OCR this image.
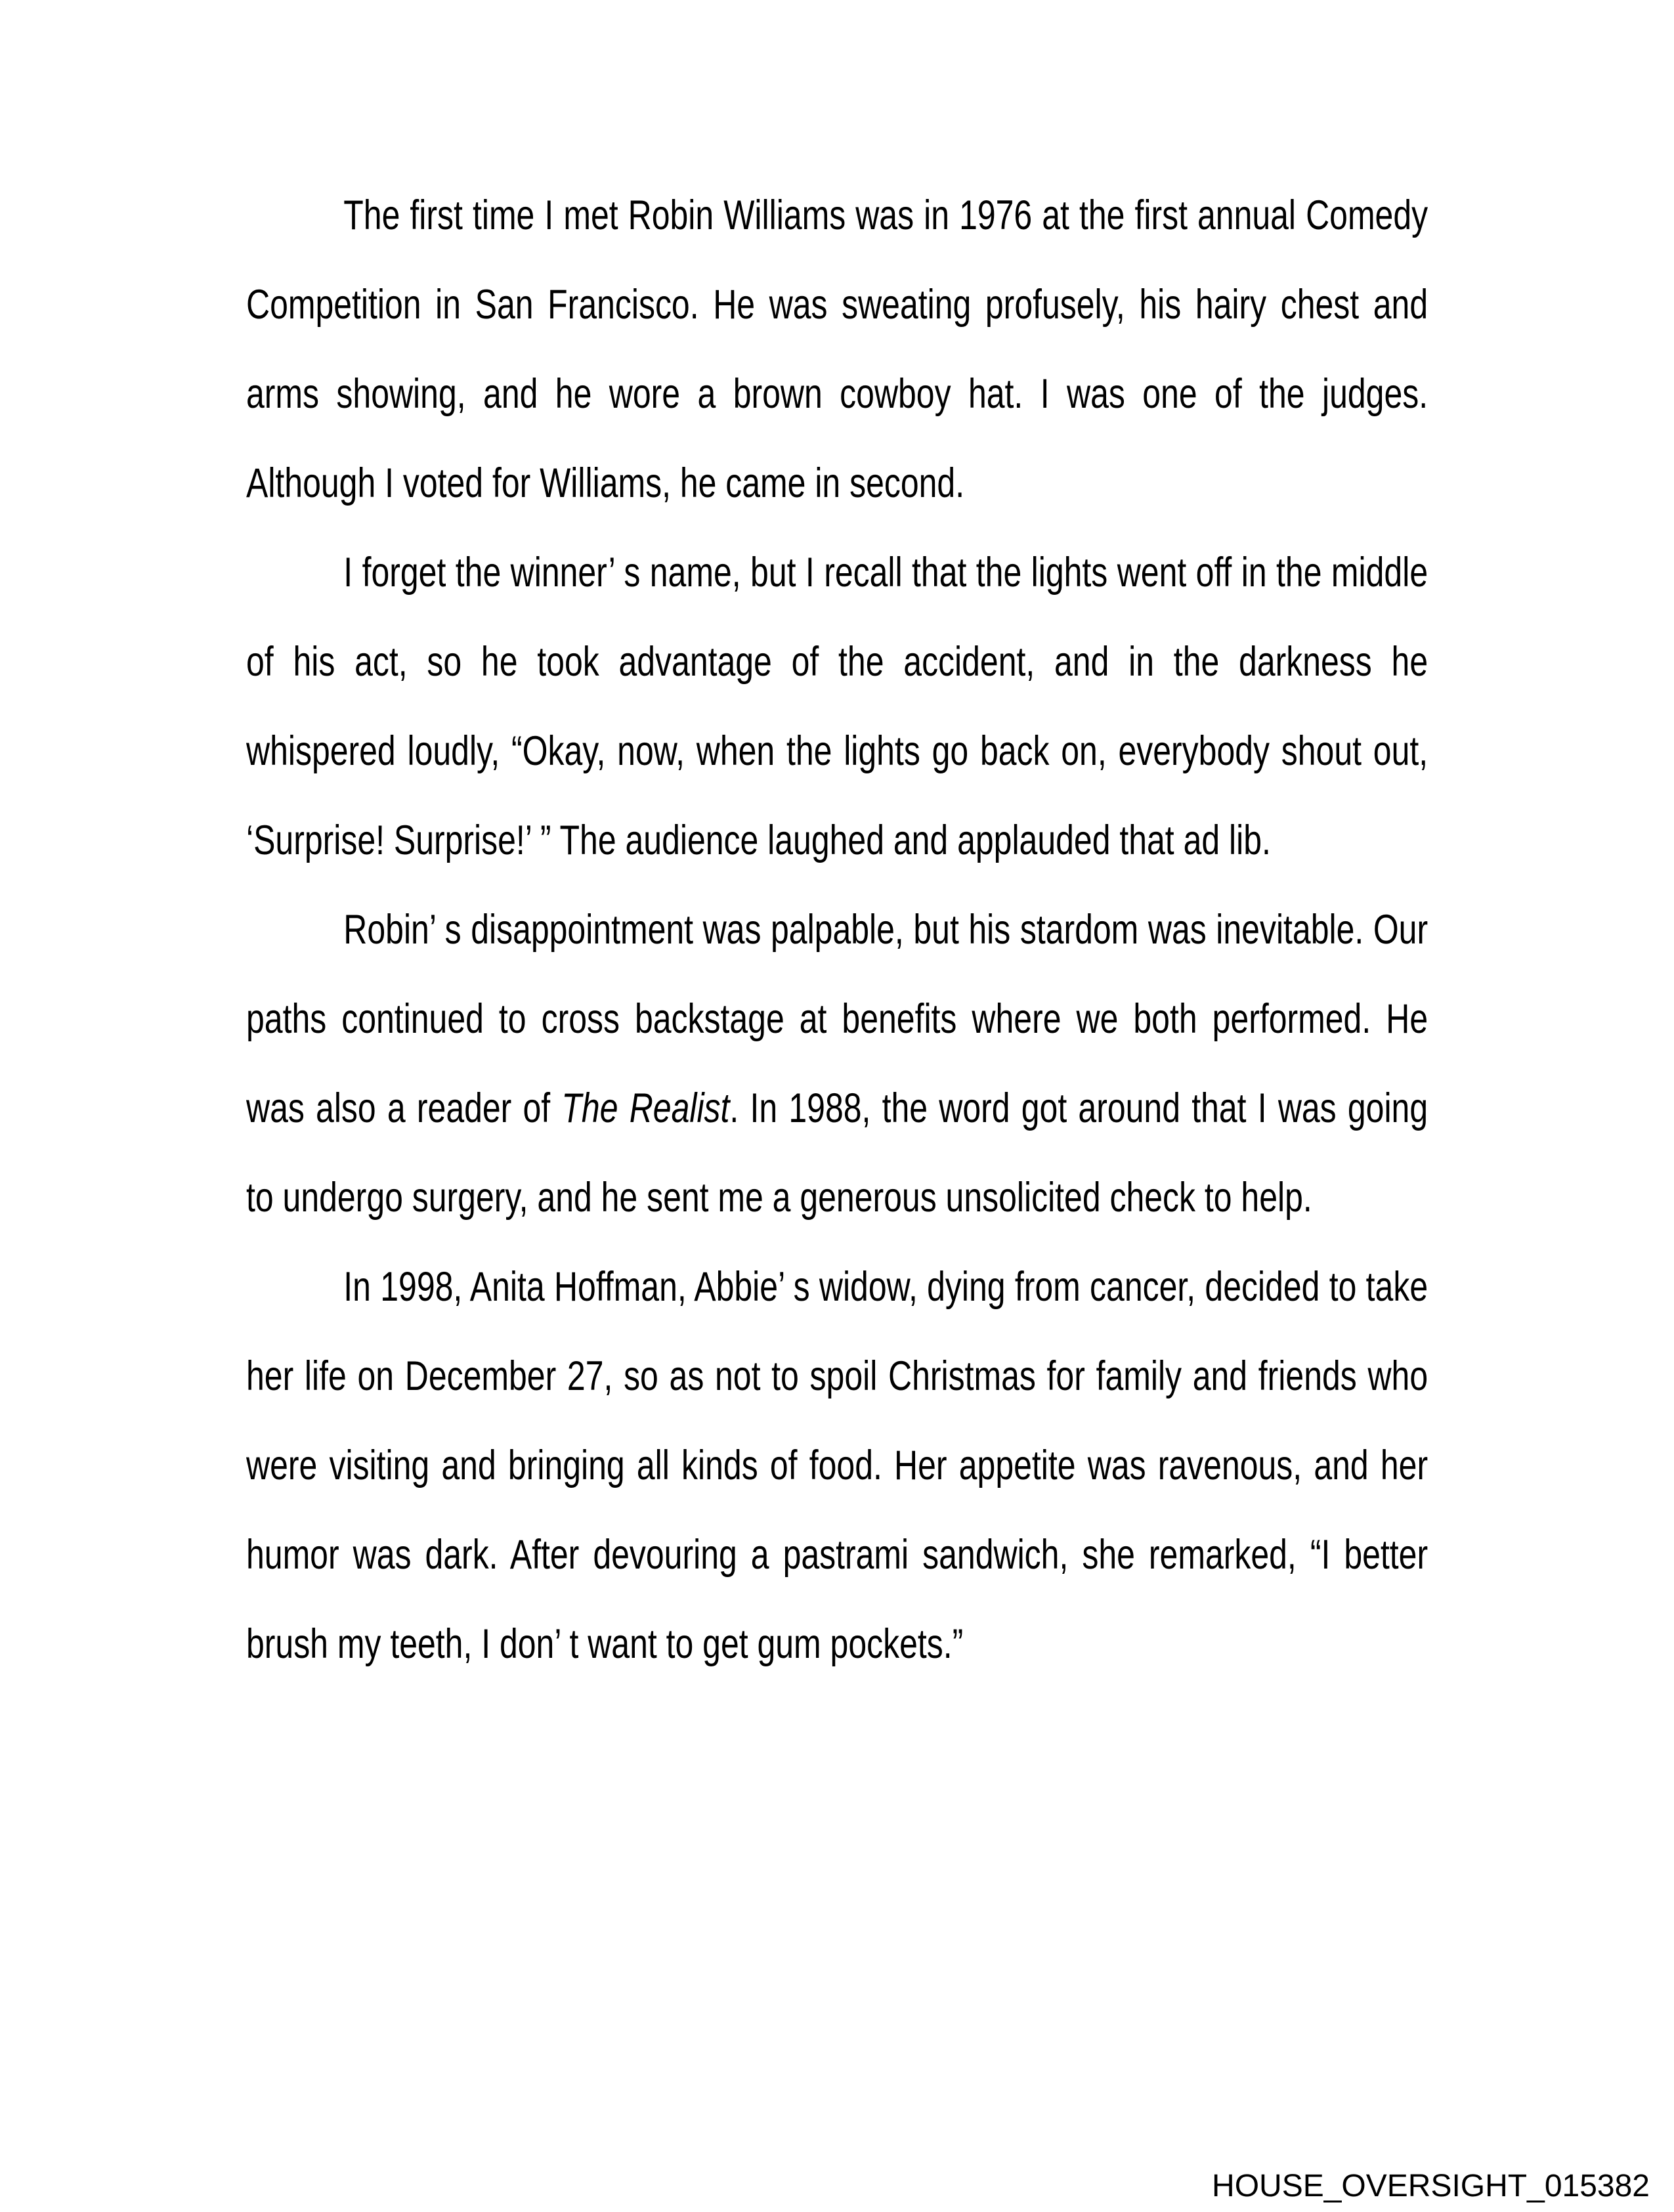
The first time I met Robin Williams was in 1976 at the first annual Comedy Competition in San Francisco. He was sweating profusely, his hairy chest and arms showing, and he wore a brown cowboy hat. I was one of the judges. Although I voted for Williams, he came in second.

I forget the winner’ s name, but I recall that the lights went off in the middle of his act, so he took advantage of the accident, and in the darkness he whispered loudly, “Okay, now, when the lights go back on, everybody shout out, ‘Surprise! Surprise!’ ” The audience laughed and applauded that ad lib.

Robin’ s disappointment was palpable, but his stardom was inevitable. Our paths continued to cross backstage at benefits where we both performed. He was also a reader of The Realist. In 1988, the word got around that I was going to undergo surgery, and he sent me a generous unsolicited check to help.

In 1998, Anita Hoffman, Abbie’ s widow, dying from cancer, decided to take her life on December 27, so as not to spoil Christmas for family and friends who were visiting and bringing all kinds of food. Her appetite was ravenous, and her humor was dark. After devouring a pastrami sandwich, she remarked, “I better brush my teeth, I don’ t want to get gum pockets.”

HOUSE_OVERSIGHT_015382
